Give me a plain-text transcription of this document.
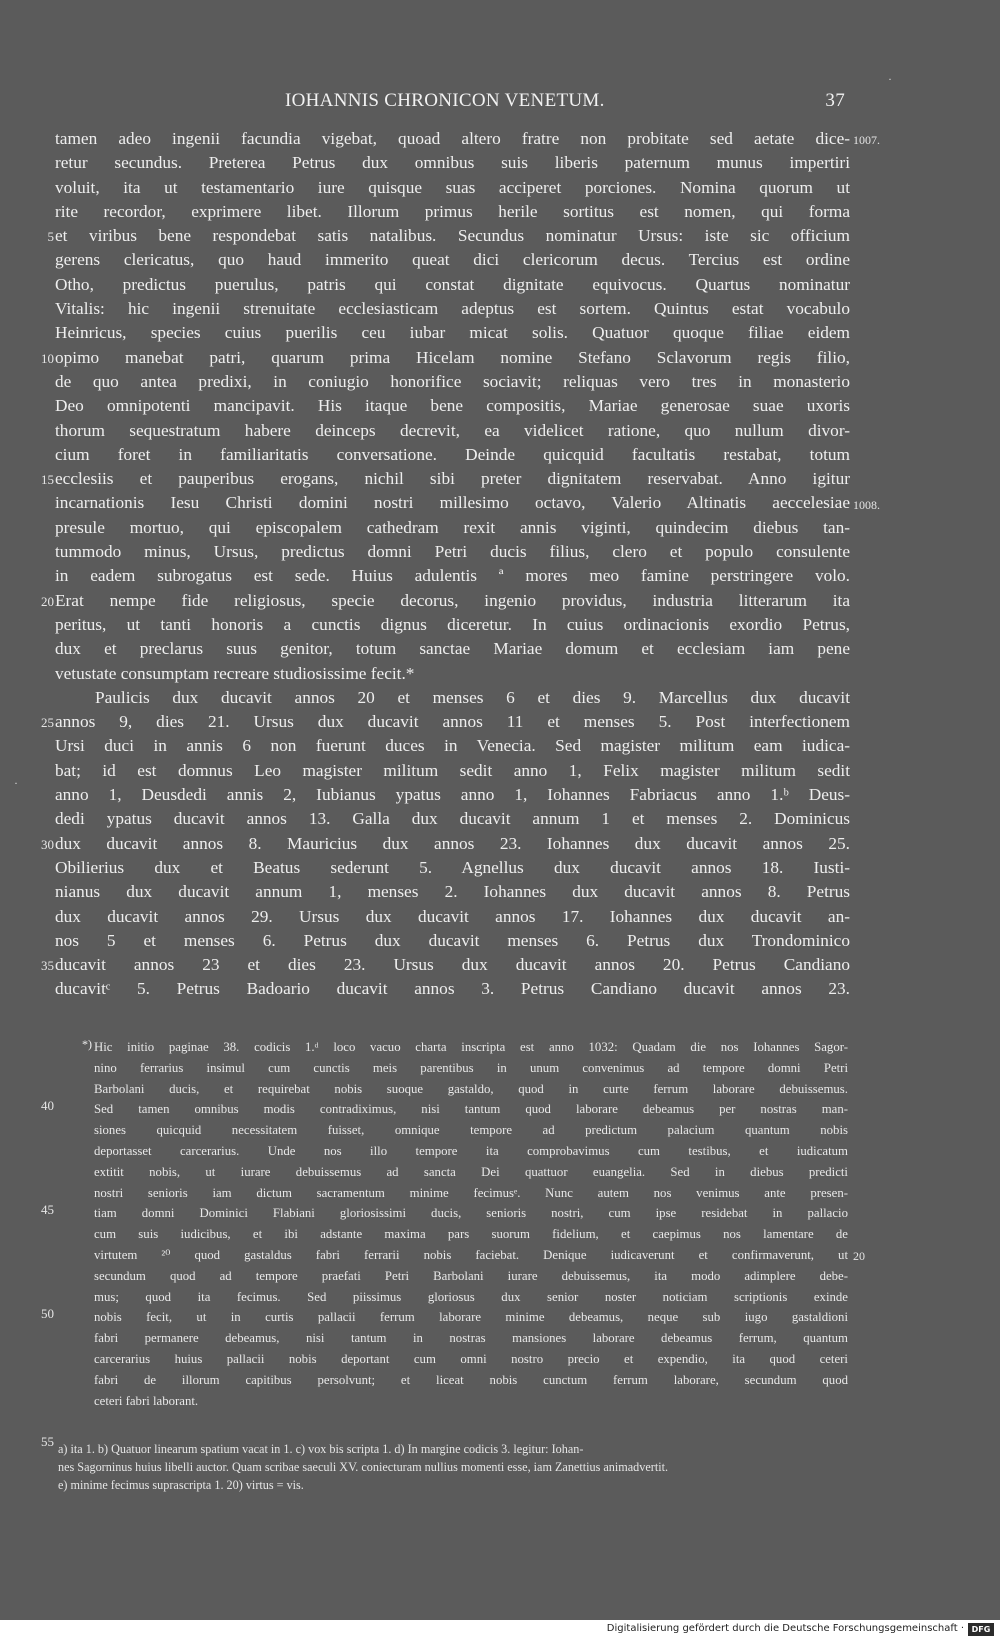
IOHANNIS CHRONICON VENETUM.	37
·
·
tamen adeo ingenii facundia vigebat, quoad altero fratre non probitate sed aetate dice-
retur secundus. Preterea Petrus dux omnibus suis liberis paternum munus impertiri
voluit, ita ut testamentario iure quisque suas acciperet porciones. Nomina quorum ut
rite recordor, exprimere libet. Illorum primus herile sortitus est nomen, qui forma
et viribus bene respondebat satis natalibus. Secundus nominatur Ursus: iste sic officium
gerens clericatus, quo haud immerito queat dici clericorum decus. Tercius est ordine
Otho, predictus puerulus, patris qui constat dignitate equivocus. Quartus nominatur
Vitalis: hic ingenii strenuitate ecclesiasticam adeptus est sortem. Quintus estat vocabulo
Heinricus, species cuius puerilis ceu iubar micat solis. Quatuor quoque filiae eidem
opimo manebat patri, quarum prima Hicelam nomine Stefano Sclavorum regis filio,
de quo antea predixi, in coniugio honorifice sociavit; reliquas vero tres in monasterio
Deo omnipotenti mancipavit. His itaque bene compositis, Mariae generosae suae uxoris
thorum sequestratum habere deinceps decrevit, ea videlicet ratione, quo nullum divor-
cium foret in familiaritatis conversatione. Deinde quicquid facultatis restabat, totum
ecclesiis et pauperibus erogans, nichil sibi preter dignitatem reservabat. Anno igitur
incarnationis Iesu Christi domini nostri millesimo octavo, Valerio Altinatis aeccelesiae
presule mortuo, qui episcopalem cathedram rexit annis viginti, quindecim diebus tan-
tummodo minus, Ursus, predictus domni Petri ducis filius, clero et populo consulente
in eadem subrogatus est sede. Huius adulentis ª mores meo famine perstringere volo.
Erat nempe fide religiosus, specie decorus, ingenio providus, industria litterarum ita
peritus, ut tanti honoris a cunctis dignus diceretur. In cuius ordinacionis exordio Petrus,
dux et preclarus suus genitor, totum sanctae Mariae domum et ecclesiam iam pene
vetustate consumptam recreare studiosissime fecit.*
Paulicis dux ducavit annos 20 et menses 6 et dies 9. Marcellus dux ducavit
annos 9, dies 21. Ursus dux ducavit annos 11 et menses 5. Post interfectionem
Ursi duci in annis 6 non fuerunt duces in Venecia. Sed magister militum eam iudica-
bat; id est domnus Leo magister militum sedit anno 1, Felix magister militum sedit
anno 1, Deusdedi annis 2, Iubianus ypatus anno 1, Iohannes Fabriacus anno 1.ᵇ Deus-
dedi ypatus ducavit annos 13. Galla dux ducavit annum 1 et menses 2. Dominicus
dux ducavit annos 8. Mauricius dux annos 23. Iohannes dux ducavit annos 25.
Obilierius dux et Beatus sederunt 5. Agnellus dux ducavit annos 18. Iusti-
nianus dux ducavit annum 1, menses 2. Iohannes dux ducavit annos 8. Petrus
dux ducavit annos 29. Ursus dux ducavit annos 17. Iohannes dux ducavit an-
nos 5 et menses 6. Petrus dux ducavit menses 6. Petrus dux Trondominico
ducavit annos 23 et dies 23. Ursus dux ducavit annos 20. Petrus Candiano
ducavitᶜ 5. Petrus Badoario ducavit annos 3. Petrus Candiano ducavit annos 23.
5
10
15
20
25
30
35
1007.
1008.
*) Hic initio paginae 38. codicis 1.ᵈ loco vacuo charta inscripta est anno 1032: Quadam die nos Iohannes Sagor-
nino ferrarius insimul cum cunctis meis parentibus in unum convenimus ad tempore domni Petri
Barbolani ducis, et requirebat nobis suoque gastaldo, quod in curte ferrum laborare debuissemus.
Sed tamen omnibus modis contradiximus, nisi tantum quod laborare debeamus per nostras man-
siones quicquid necessitatem fuisset, omnique tempore ad predictum palacium quantum nobis
deportasset carcerarius. Unde nos illo tempore ita comprobavimus cum testibus, et iudicatum
extitit nobis, ut iurare debuissemus ad sancta Dei quattuor euangelia. Sed in diebus predicti
nostri senioris iam dictum sacramentum minime fecimusᵉ. Nunc autem nos venimus ante presen-
tiam domni Dominici Flabiani gloriosissimi ducis, senioris nostri, cum ipse residebat in pallacio
cum suis iudicibus, et ibi adstante maxima pars suorum fidelium, et caepimus nos lamentare de
virtutem ²⁰ quod gastaldus fabri ferrarii nobis faciebat. Denique iudicaverunt et confirmaverunt, ut
secundum quod ad tempore praefati Petri Barbolani iurare debuissemus, ita modo adimplere debe-
mus; quod ita fecimus. Sed piissimus gloriosus dux senior noster noticiam scriptionis exinde
nobis fecit, ut in curtis pallacii ferrum laborare minime debeamus, neque sub iugo gastaldioni
fabri permanere debeamus, nisi tantum in nostras mansiones laborare debeamus ferrum, quantum
carcerarius huius pallacii nobis deportant cum omni nostro precio et expendio, ita quod ceteri
fabri de illorum capitibus persolvunt; et liceat nobis cunctum ferrum laborare, secundum quod
ceteri fabri laborant.
40
45
50
20
55 a) ita 1. b) Quatuor linearum spatium vacat in 1. c) vox bis scripta 1. d) In margine codicis 3. legitur: Iohan-
nes Sagorninus huius libelli auctor. Quam scribae saeculi XV. coniecturam nullius momenti esse, iam Zanettius animadvertit.
e) minime fecimus suprascripta 1. 20) virtus = vis.
Digitalisierung gefördert durch die Deutsche Forschungsgemeinschaft · DFG
